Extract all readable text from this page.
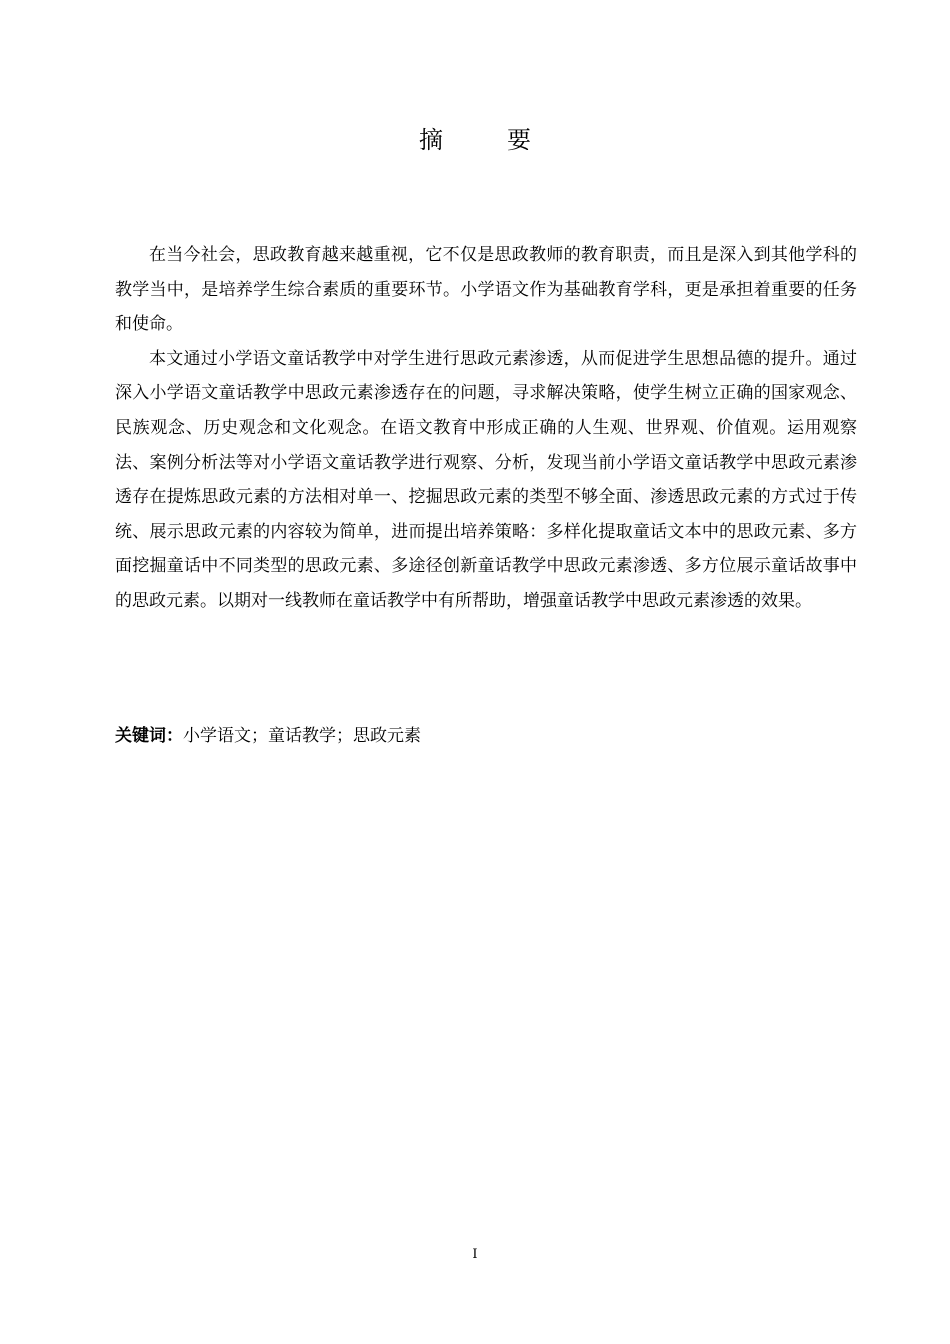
摘　要

在当今社会，思政教育越来越重视，它不仅是思政教师的教育职责，而且是深入到其他学科的教学当中，是培养学生综合素质的重要环节。小学语文作为基础教育学科，更是承担着重要的任务和使命。

本文通过小学语文童话教学中对学生进行思政元素渗透，从而促进学生思想品德的提升。通过深入小学语文童话教学中思政元素渗透存在的问题，寻求解决策略，使学生树立正确的国家观念、民族观念、历史观念和文化观念。在语文教育中形成正确的人生观、世界观、价值观。运用观察法、案例分析法等对小学语文童话教学进行观察、分析，发现当前小学语文童话教学中思政元素渗透存在提炼思政元素的方法相对单一、挖掘思政元素的类型不够全面、渗透思政元素的方式过于传统、展示思政元素的内容较为简单，进而提出培养策略：多样化提取童话文本中的思政元素、多方面挖掘童话中不同类型的思政元素、多途径创新童话教学中思政元素渗透、多方位展示童话故事中的思政元素。以期对一线教师在童话教学中有所帮助，增强童话教学中思政元素渗透的效果。

关键词：小学语文；童话教学；思政元素

I
